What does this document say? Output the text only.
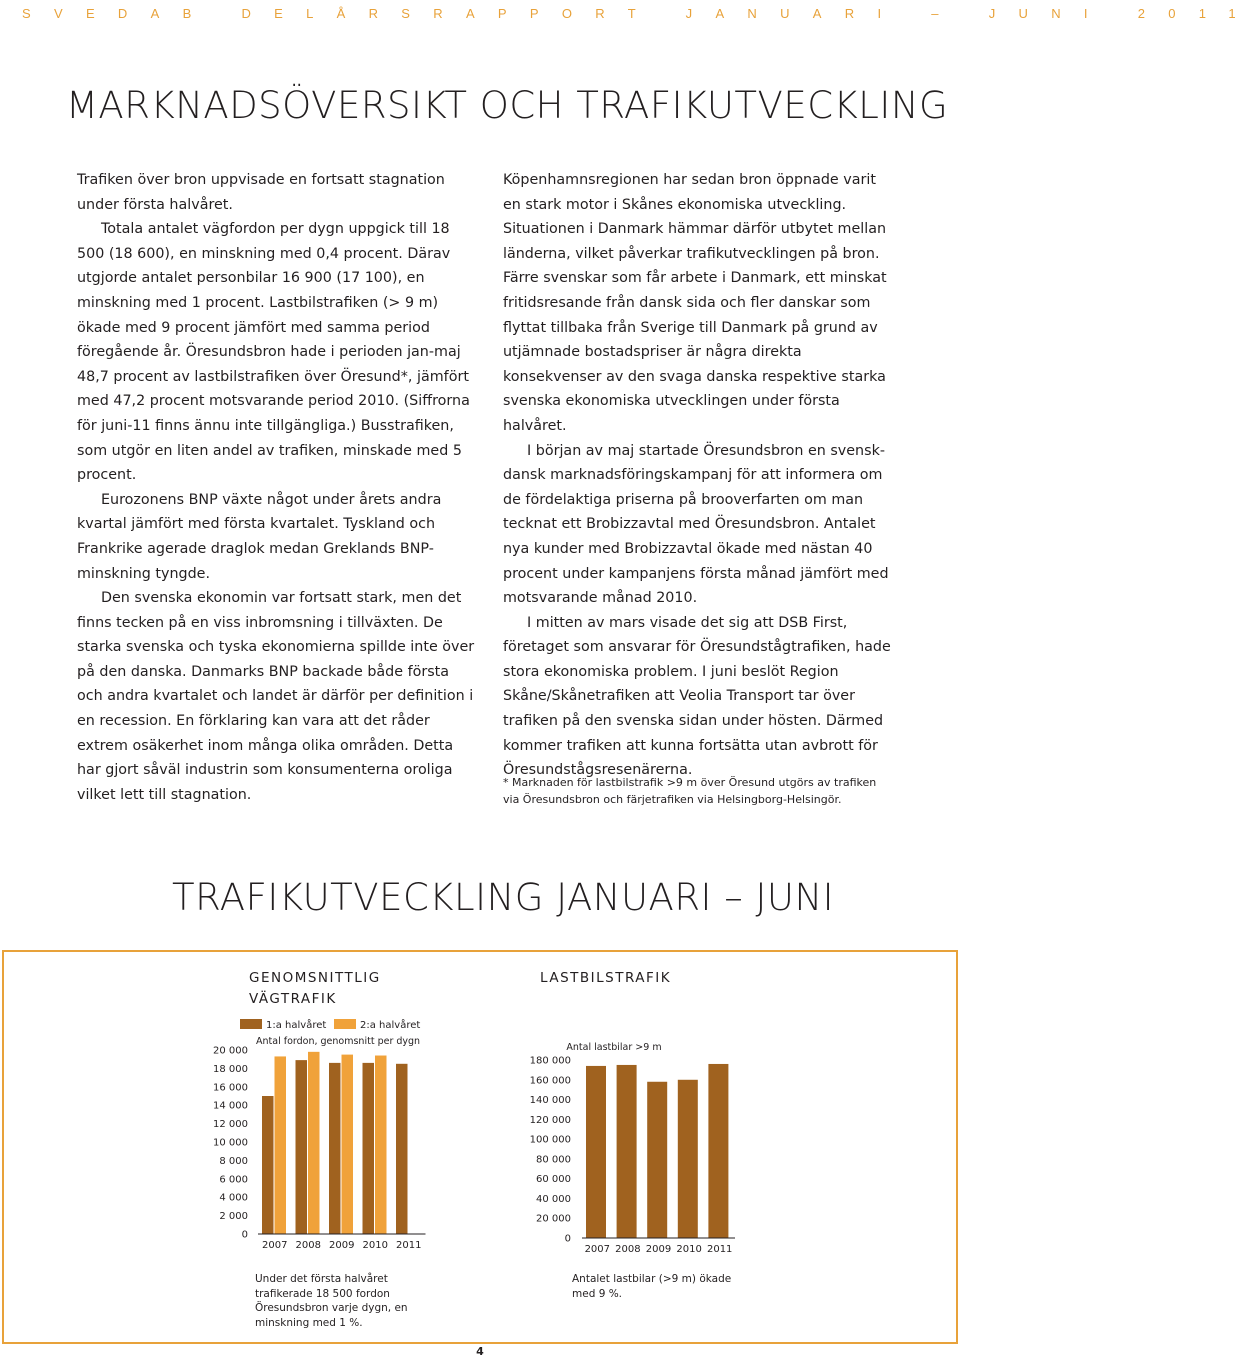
SVEDAB DELÅRSRAPPORT JANUARI – JUNI 2011
MARKNADSÖVERSIKT OCH TRAFIKUTVECKLING

Trafiken över bron uppvisade en fortsatt stagnation under första halvåret.

Totala antalet vägfordon per dygn uppgick till 18 500 (18 600), en minskning med 0,4 procent. Därav utgjorde antalet personbilar 16 900 (17 100), en minskning med 1 procent. Lastbilstrafiken (> 9 m) ökade med 9 procent jämfört med samma period föregående år. Öresundsbron hade i perioden jan-maj 48,7 procent av lastbilstrafiken över Öresund*, jämfört med 47,2 procent motsvarande period 2010. (Siffrorna för juni-11 finns ännu inte tillgängliga.) Busstrafiken, som utgör en liten andel av trafiken, minskade med 5 procent.

Eurozonens BNP växte något under årets andra kvartal jämfört med första kvartalet. Tyskland och Frankrike agerade draglok medan Greklands BNP-minskning tyngde.

Den svenska ekonomin var fortsatt stark, men det finns tecken på en viss inbromsning i tillväxten. De starka svenska och tyska ekonomierna spillde inte över på den danska. Danmarks BNP backade både första och andra kvartalet och landet är därför per definition i en recession. En förklaring kan vara att det råder extrem osäkerhet inom många olika områden. Detta har gjort såväl industrin som konsumenterna oroliga vilket lett till stagnation.

Köpenhamnsregionen har sedan bron öppnade varit en stark motor i Skånes ekonomiska utveckling. Situationen i Danmark hämmar därför utbytet mellan länderna, vilket påverkar trafikutvecklingen på bron. Färre svenskar som får arbete i Danmark, ett minskat fritidsresande från dansk sida och fler danskar som flyttat tillbaka från Sverige till Danmark på grund av utjämnade bostadspriser är några direkta konsekvenser av den svaga danska respektive starka svenska ekonomiska utvecklingen under första halvåret.

I början av maj startade Öresundsbron en svensk-dansk marknadsföringskampanj för att informera om de fördelaktiga priserna på brooverfarten om man tecknat ett Brobizzavtal med Öresundsbron. Antalet nya kunder med Brobizzavtal ökade med nästan 40 procent under kampanjens första månad jämfört med motsvarande månad 2010.

I mitten av mars visade det sig att DSB First, företaget som ansvarar för Öresundstågtrafiken, hade stora ekonomiska problem. I juni beslöt Region Skåne/Skånetrafiken att Veolia Transport tar över trafiken på den svenska sidan under hösten. Därmed kommer trafiken att kunna fortsätta utan avbrott för Öresundstågsresenärerna.

* Marknaden för lastbilstrafik >9 m över Öresund utgörs av trafiken via Öresundsbron och färjetrafiken via Helsingborg-Helsingör.
TRAFIKUTVECKLING JANUARI – JUNI
GENOMSNITTLIG VÄGTRAFIK
LASTBILSTRAFIK
0
2 000
4 000
6 000
8 000
10 000
12 000
14 000
16 000
18 000
20 000
Antal fordon, genomsnitt per dygn
2007 2008 2009 2010 2011
1:a halvåret	2:a halvåret
0
20 000
40 000
60 000
80 000
100 000
120 000
140 000
160 000
180 000
Antal lastbilar >9 m
2007 2008 2009 2010 2011
Under det första halvåret trafikerade 18 500 fordon Öresundsbron varje dygn, en minskning med 1 %.
Antalet lastbilar (>9 m) ökade med 9 %.
4
